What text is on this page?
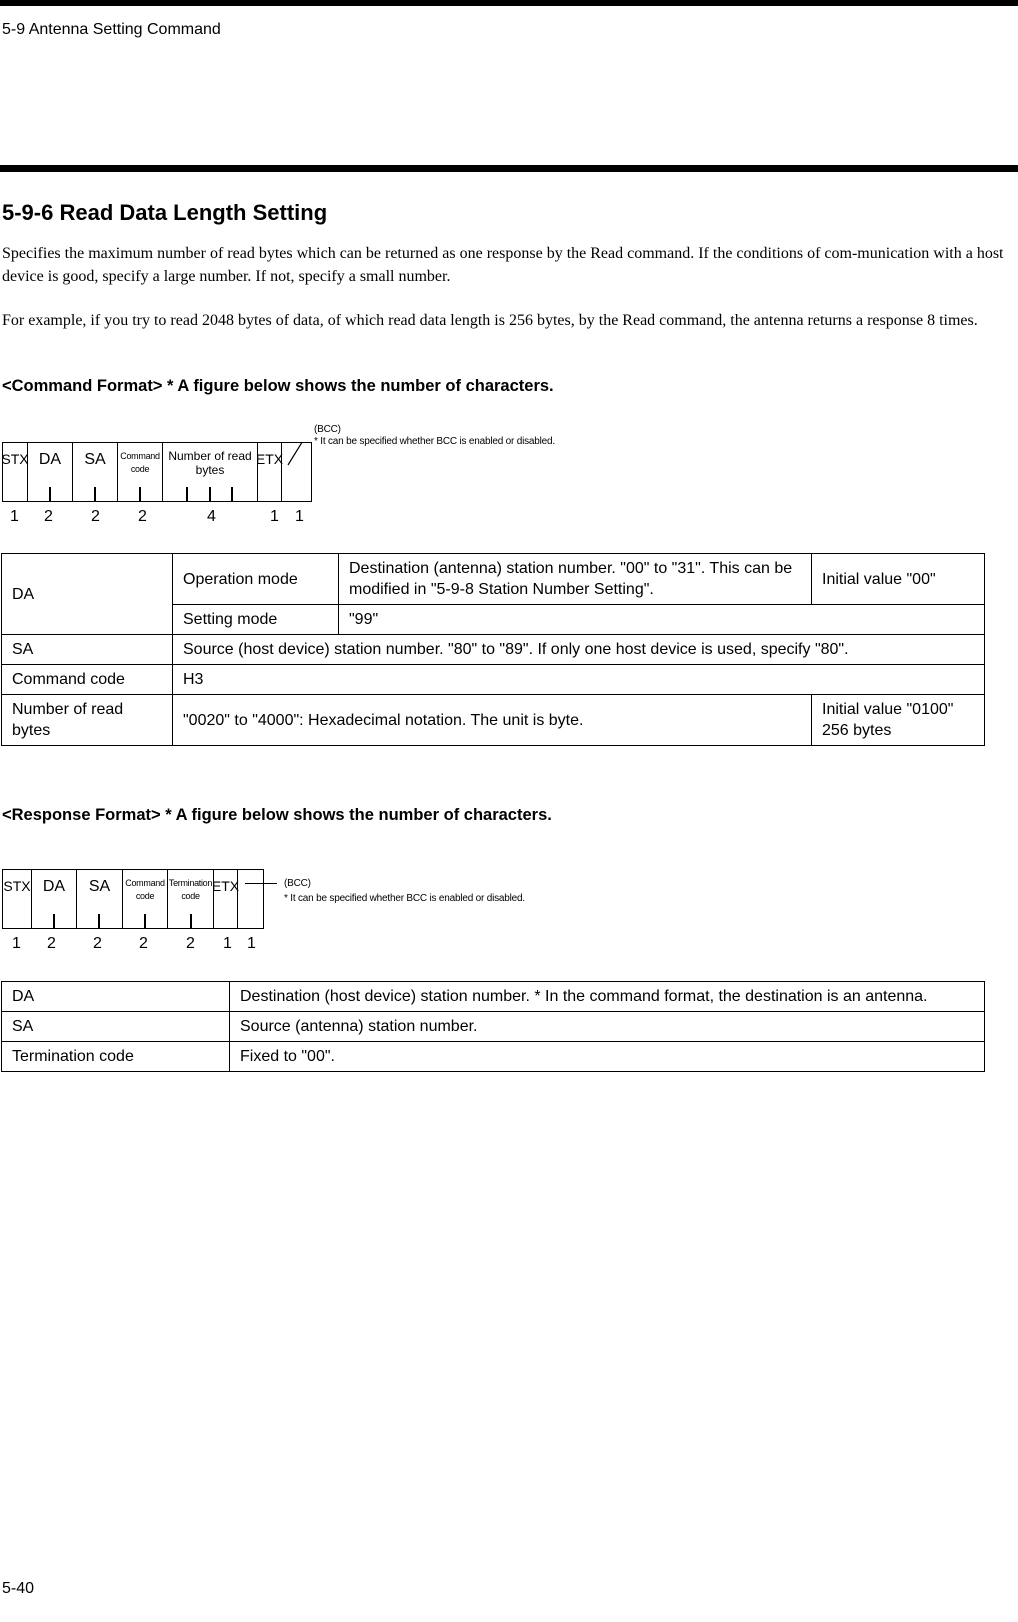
5-9 Antenna Setting Command
5-9-6 Read Data Length Setting
Specifies the maximum number of read bytes which can be returned as one response by the Read command. If the conditions of com-munication with a host device is good, specify a large number. If not, specify a small number.
For example, if you try to read 2048 bytes of data, of which read data length is 256 bytes, by the Read command, the antenna returns a response 8 times.
<Command Format> * A figure below shows the number of characters.
STX DA SA Command code
Number of read bytes
ETX
(BCC)
* It can be specified whether BCC is enabled or disabled.
1 2 2 2	4	1 1
DA	Operation mode	Destination (antenna) station number. "00" to "31". This can be modified in "5-9-8 Station Number Setting".	Initial value "00"
	Setting mode	"99"	
SA	Source (host device) station number. "80" to "89". If only one host device is used, specify "80".		
Command code	H3		
Number of read bytes	"0020" to "4000": Hexadecimal notation. The unit is byte.		Initial value "0100" 256 bytes
<Response Format> * A figure below shows the number of characters.
STX DA SA Command code
Termination code
ETX	(BCC)
* It can be specified whether BCC is enabled or disabled.
1 2 2 2 2 1 1
DA	Destination (host device) station number. * In the command format, the destination is an antenna.
SA	Source (antenna) station number.
Termination code	Fixed to "00".
5-40
